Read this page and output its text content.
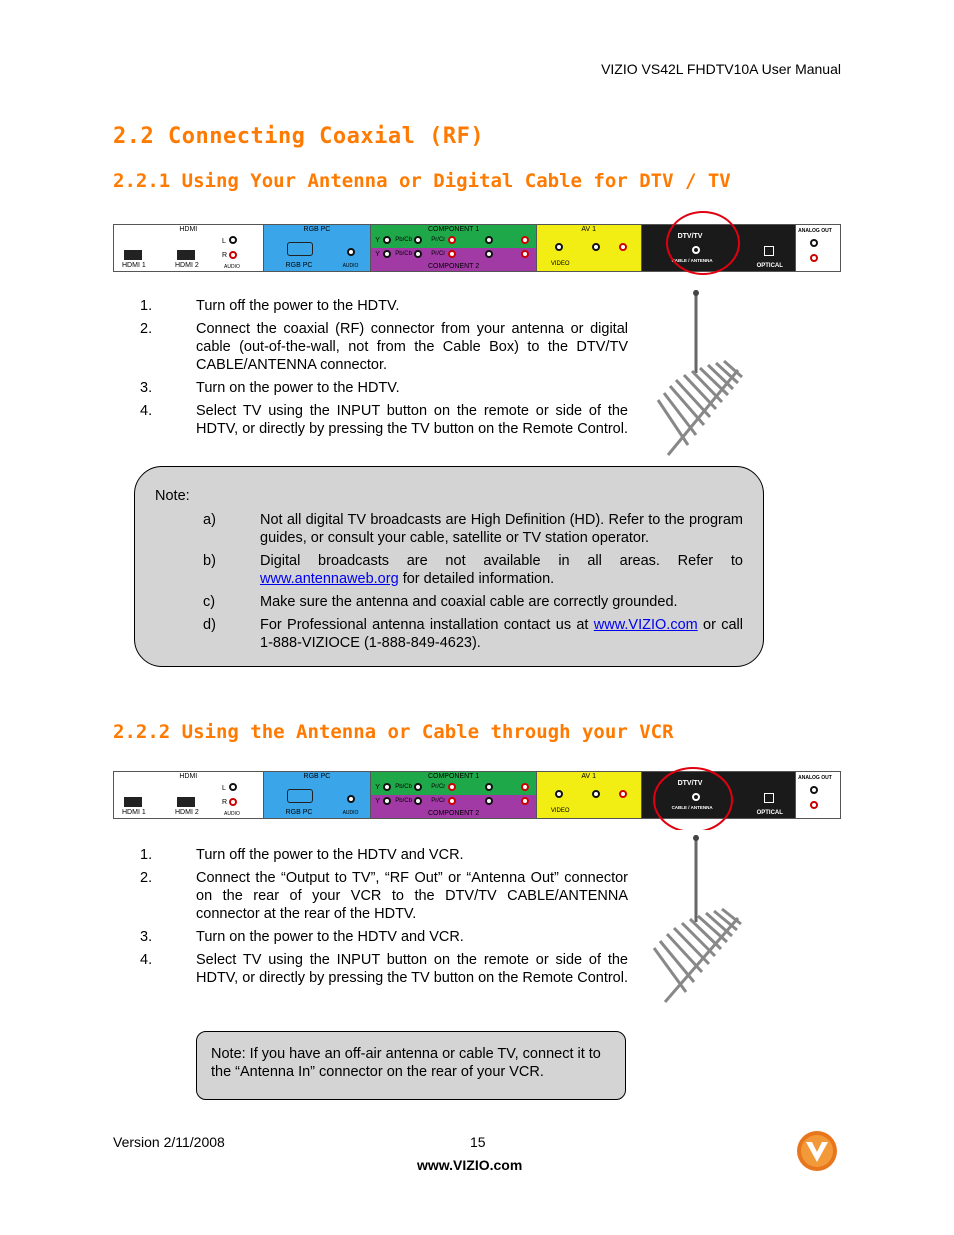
VIZIO VS42L FHDTV10A User Manual
2.2 Connecting Coaxial (RF)
2.2.1 Using Your Antenna or Digital Cable for DTV / TV
HDMI
HDMI 1	HDMI 2
L
R
AUDIO
RGB PC
RGB PC	AUDIO
COMPONENT 1
COMPONENT 2
Y	Pb/Cb	Pr/Cr
Y	Pb/Cb	Pr/Cr
AV 1
VIDEO
DTV/TV
CABLE / ANTENNA
OPTICAL
ANALOG OUT
1.	Turn off the power to the HDTV.
2.	Connect the coaxial (RF) connector from your antenna or digital cable (out-of-the-wall, not from the Cable Box) to the DTV/TV CABLE/ANTENNA connector.
3.	Turn on the power to the HDTV.
4.	Select TV using the INPUT button on the remote or side of the HDTV, or directly by pressing the TV button on the Remote Control.
Note:
a)	Not all digital TV broadcasts are High Definition (HD). Refer to the program guides, or consult your cable, satellite or TV station operator.
b)	Digital broadcasts are not available in all areas. Refer to www.antennaweb.org for detailed information.
c)	Make sure the antenna and coaxial cable are correctly grounded.
d)	For Professional antenna installation contact us at www.VIZIO.com or call 1-888-VIZIOCE (1-888-849-4623).
2.2.2 Using the Antenna or Cable through your VCR
HDMI
HDMI 1	HDMI 2
L
R
AUDIO
RGB PC
RGB PC	AUDIO
COMPONENT 1
COMPONENT 2
Y	Pb/Cb	Pr/Cr
Y	Pb/Cb	Pr/Cr
AV 1
VIDEO
DTV/TV
CABLE / ANTENNA
OPTICAL
ANALOG OUT
1.	Turn off the power to the HDTV and VCR.
2.	Connect the “Output to TV”, “RF Out” or “Antenna Out” connector on the rear of your VCR to the DTV/TV CABLE/ANTENNA connector at the rear of the HDTV.
3.	Turn on the power to the HDTV and VCR.
4.	Select TV using the INPUT button on the remote or side of the HDTV, or directly by pressing the TV button on the Remote Control.
Note: If you have an off-air antenna or cable TV, connect it to the “Antenna In” connector on the rear of your VCR.
Version 2/11/2008	15
www.VIZIO.com
